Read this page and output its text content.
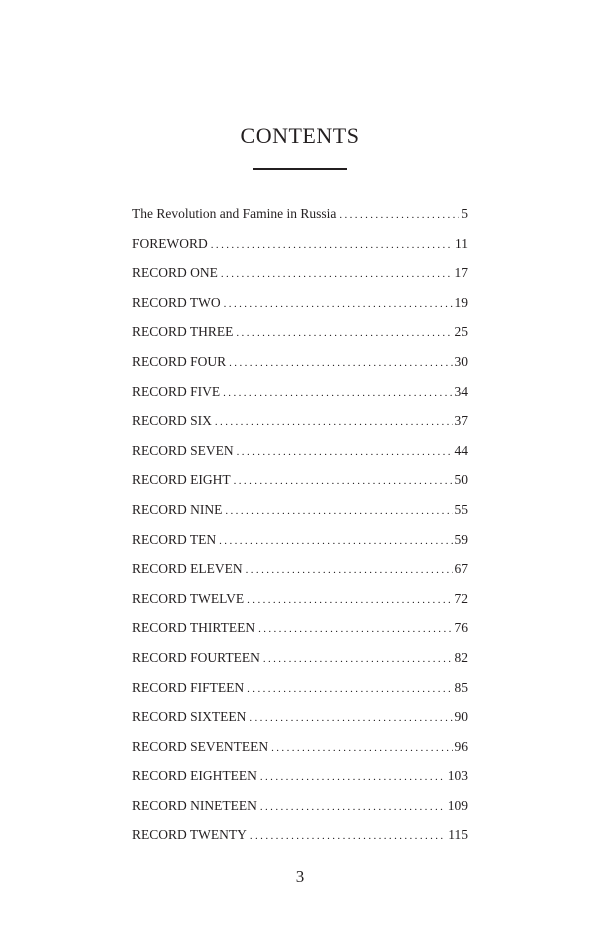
CONTENTS
The Revolution and Famine in Russia .....	5
FOREWORD .....	11
RECORD ONE .....	17
RECORD TWO .....	19
RECORD THREE .....	25
RECORD FOUR .....	30
RECORD FIVE .....	34
RECORD SIX .....	37
RECORD SEVEN .....	44
RECORD EIGHT .....	50
RECORD NINE .....	55
RECORD TEN .....	59
RECORD ELEVEN .....	67
RECORD TWELVE .....	72
RECORD THIRTEEN .....	76
RECORD FOURTEEN .....	82
RECORD FIFTEEN .....	85
RECORD SIXTEEN .....	90
RECORD SEVENTEEN .....	96
RECORD EIGHTEEN .....	103
RECORD NINETEEN .....	109
RECORD TWENTY .....	115
3
